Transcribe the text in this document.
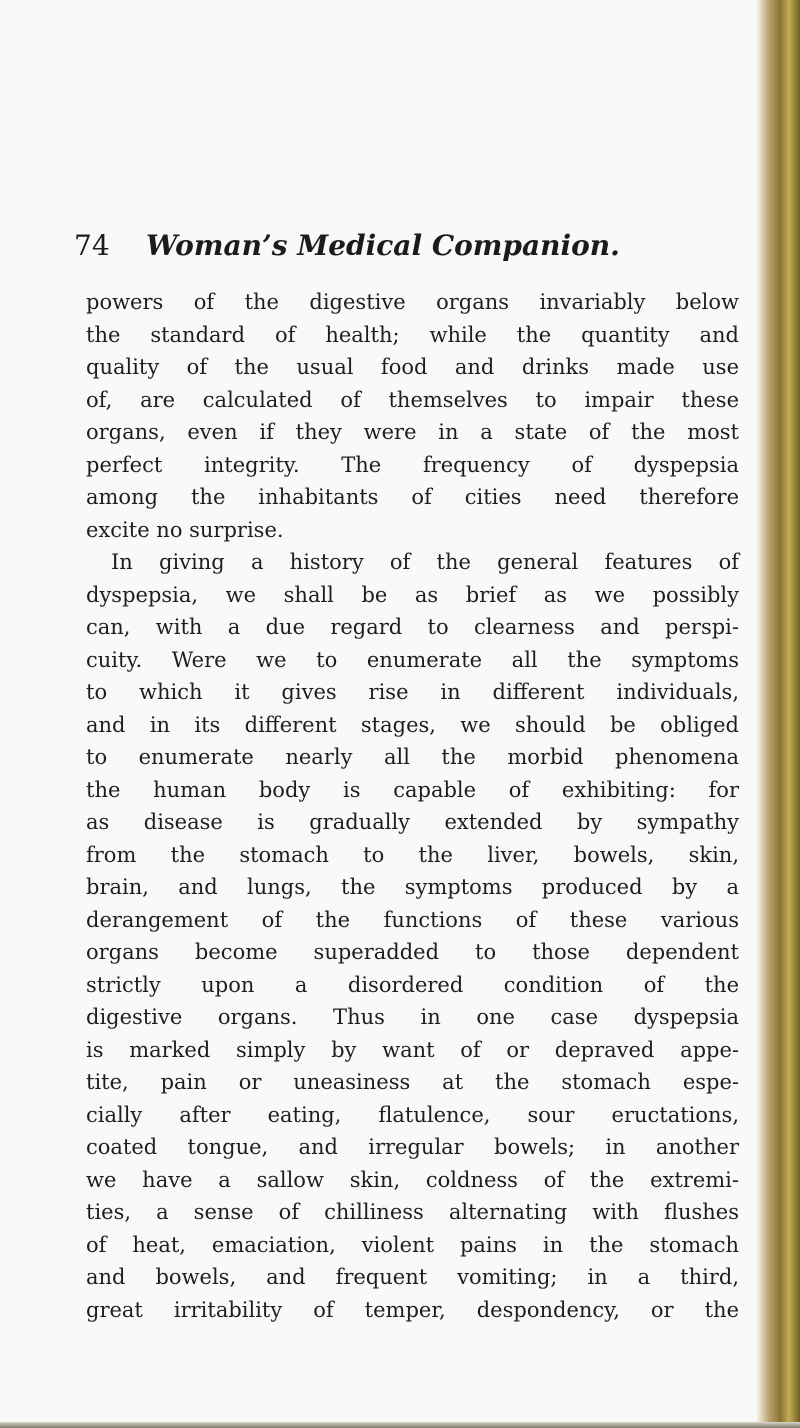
74 Woman’s Medical Companion.
powers of the digestive organs invariably below
the standard of health; while the quantity and
quality of the usual food and drinks made use
of, are calculated of themselves to impair these
organs, even if they were in a state of the most
perfect integrity. The frequency of dyspepsia
among the inhabitants of cities need therefore
excite no surprise.
In giving a history of the general features of
dyspepsia, we shall be as brief as we possibly
can, with a due regard to clearness and perspi-
cuity. Were we to enumerate all the symptoms
to which it gives rise in different individuals,
and in its different stages, we should be obliged
to enumerate nearly all the morbid phenomena
the human body is capable of exhibiting: for
as disease is gradually extended by sympathy
from the stomach to the liver, bowels, skin,
brain, and lungs, the symptoms produced by a
derangement of the functions of these various
organs become superadded to those dependent
strictly upon a disordered condition of the
digestive organs. Thus in one case dyspepsia
is marked simply by want of or depraved appe-
tite, pain or uneasiness at the stomach espe-
cially after eating, flatulence, sour eructations,
coated tongue, and irregular bowels; in another
we have a sallow skin, coldness of the extremi-
ties, a sense of chilliness alternating with flushes
of heat, emaciation, violent pains in the stomach
and bowels, and frequent vomiting; in a third,
great irritability of temper, despondency, or the
